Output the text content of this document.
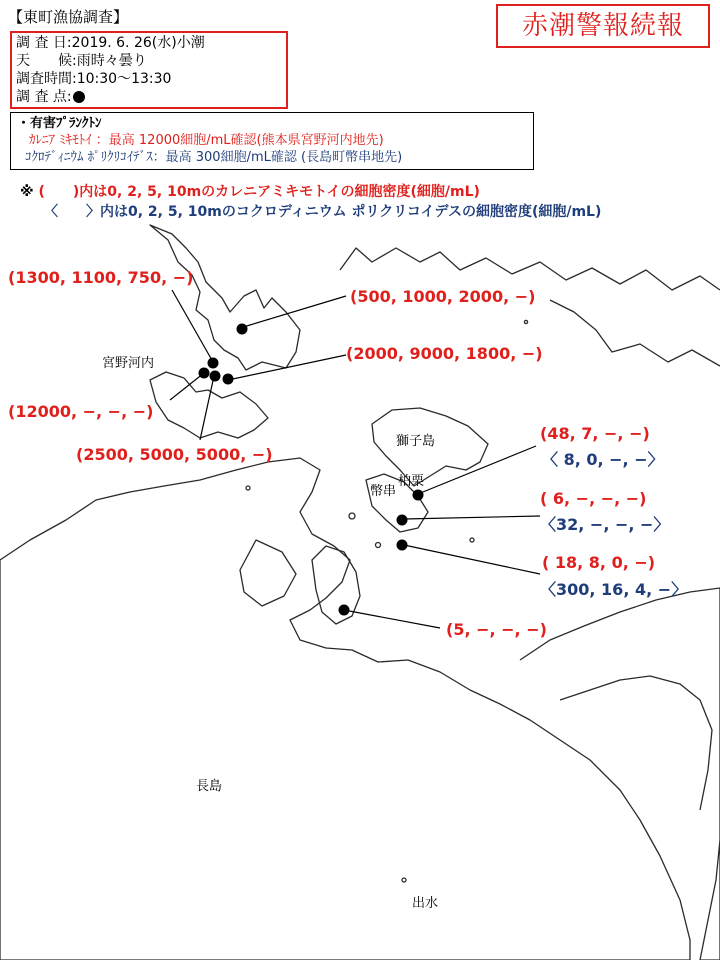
【東町漁協調査】	赤潮警報続報
調 査 日:2019. 6. 26(水)小潮
天　　候:雨時々曇り
調査時間:10:30〜13:30
調 査 点:
・有害ﾌﾟﾗﾝｸﾄﾝ
ｶﾚﾆｱ ﾐｷﾓﾄｲ ：最高 12000細胞/mL確認(熊本県宮野河内地先)
ｺｸﾛﾃﾞｨﾆｳﾑ ﾎﾟﾘｸﾘｺｲﾃﾞｽ：最高 300細胞/mL確認 (長島町幣串地先)
※ (　　)内は0, 2, 5, 10mのカレニアミキモトイの細胞密度(細胞/mL)
〈　　〉内は0, 2, 5, 10mのコクロディニウム ポリクリコイデスの細胞密度(細胞/mL)
宮野河内
獅子島
柏栗
幣串
長島
出水
(1300, 1100, 750, −)
(500, 1000, 2000, −)
(2000, 9000, 1800, −)
(12000, −, −, −)
(2500, 5000, 5000, −)
(48, 7, −, −)
〈 8, 0, −, −〉
( 6, −, −, −)
〈32, −, −, −〉
( 18, 8, 0, −)
〈300, 16, 4, −〉
(5, −, −, −)
